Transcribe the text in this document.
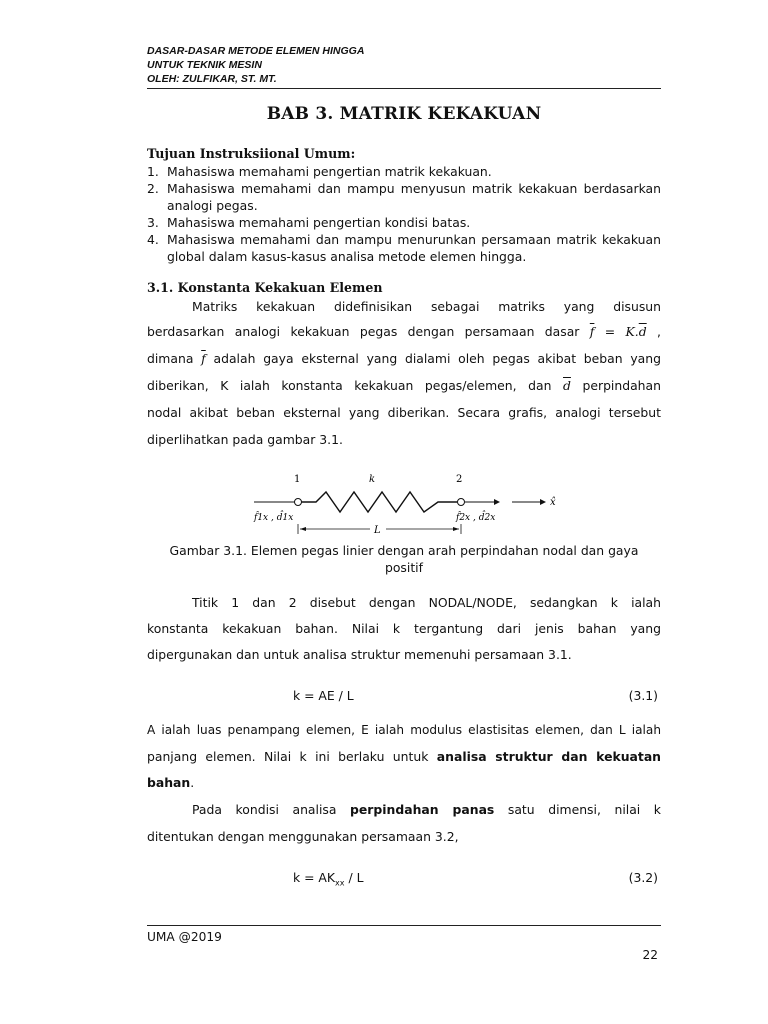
DASAR-DASAR METODE ELEMEN HINGGA
UNTUK TEKNIK MESIN
OLEH: ZULFIKAR, ST. MT.
BAB 3. MATRIK KEKAKUAN
Tujuan Instruksiional Umum:
1. Mahasiswa memahami pengertian matrik kekakuan.
2. Mahasiswa memahami dan mampu menyusun matrik kekakuan berdasarkan analogi pegas.
3. Mahasiswa memahami pengertian kondisi batas.
4. Mahasiswa memahami dan mampu menurunkan persamaan matrik kekakuan global dalam kasus-kasus analisa metode elemen hingga.
3.1. Konstanta Kekakuan Elemen

Matriks kekakuan didefinisikan sebagai matriks yang disusun

berdasarkan analogi kekakuan pegas dengan persamaan dasar $\overline{f} = K.\overline{d}$ ,

dimana $\overline{f}$ adalah gaya eksternal yang dialami oleh pegas akibat beban yang

diberikan, K ialah konstanta kekakuan pegas/elemen, dan $\overline{d}$ perpindahan

nodal akibat beban eksternal yang diberikan. Secara grafis, analogi tersebut

diperlihatkan pada gambar 3.1.

x̂
1	2
k
f̂1x , d̂1x	f̂2x , d̂2x
L
Gambar 3.1. Elemen pegas linier dengan arah perpindahan nodal dan gaya
positif

Titik 1 dan 2 disebut dengan NODAL/NODE, sedangkan k ialah

konstanta kekakuan bahan. Nilai k tergantung dari jenis bahan yang

dipergunakan dan untuk analisa struktur memenuhi persamaan 3.1.

k = AE / L	(3.1)

A ialah luas penampang elemen, E ialah modulus elastisitas elemen, dan L ialah

panjang elemen. Nilai k ini berlaku untuk analisa struktur dan kekuatan

bahan.

Pada kondisi analisa perpindahan panas satu dimensi, nilai k

ditentukan dengan menggunakan persamaan 3.2,

$k = AK_{xx} / L$	(3.2)
UMA @2019
22
